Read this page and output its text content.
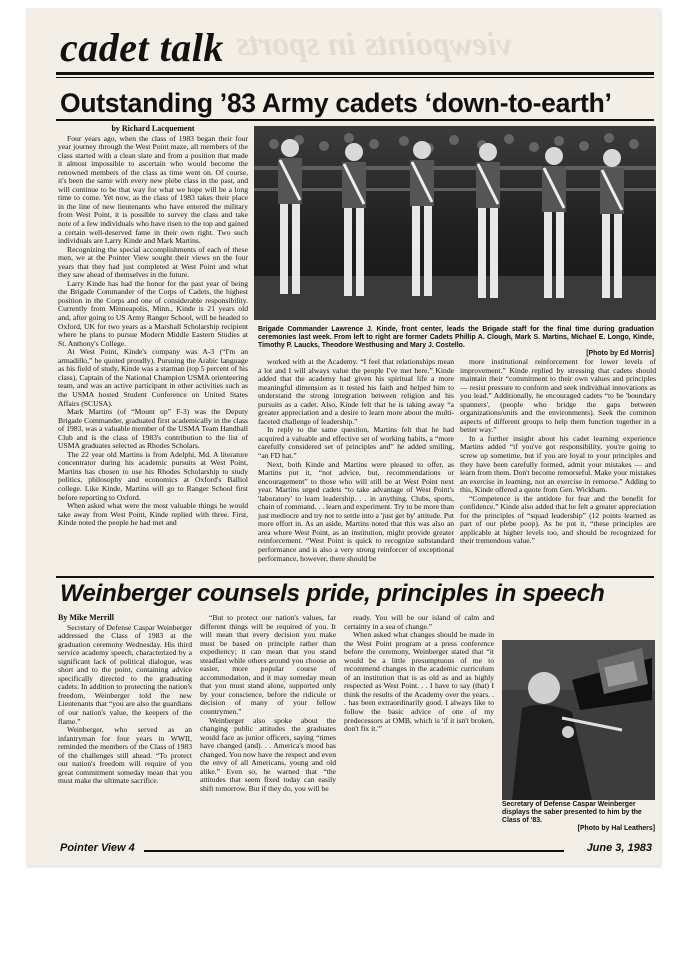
viewpoints in sports
cadet talk
Outstanding ’83 Army cadets ‘down-to-earth’

by Richard Lacquement

Four years ago, when the class of 1983 began their four year journey through the West Point maze, all members of the class started with a clean slate and from a position that made it almost impossible to ascertain who would become the renowned members of the class as time went on. Of course, it's been the same with every new plebe class in the past, and will continue to be that way for what we hope will be a long time to come. Yet now, as the class of 1983 takes their place in the line of new lieutenants who have entered the military from West Point, it is possible to survey the class and take note of a few individuals who have risen to the top and gained a certain well-deserved fame in their own right. Two such individuals are Larry Kinde and Mark Martins.

Recognizing the special accomplishments of each of these men, we at the Pointer View sought their views on the four years that they had just completed at West Point and what they saw ahead of themselves in the future.

Larry Kinde has had the honor for the past year of being the Brigade Commander of the Corps of Cadets, the highest position in the Corps and one of considerable responsibility. Currently from Minneapolis, Minn., Kinde is 21 years old and, after going to US Army Ranger School, will be headed to Oxford, UK for two years as a Marshall Scholarship recipient where he plans to pursue Modern Middle Eastern Studies at St. Anthony's College.

At West Point, Kinde's company was A-3 (“I'm an armadillo,” he quoted proudly). Pursuing the Arabic language as his field of study, Kinde was a starman (top 5 percent of his class), Captain of the National Champion USMA orienteering team, and was an active participant in other activities such as the USMA hosted Student Conference on United States Affairs (SCUSA).

Mark Martins (of “Mount up” F-3) was the Deputy Brigade Commander, graduated first academically in the class of 1983, was a valuable member of the USMA Team Handball Club and is the class of 1983's contribution to the list of USMA graduates selected as Rhodes Scholars.

The 22 year old Martins is from Adelphi, Md. A literature concentrator during his academic pursuits at West Point, Martins has chosen to use his Rhodes Scholarship to study politics, philosophy and economics at Oxford's Balliol college. Like Kinde, Martins will go to Ranger School first before reporting to Oxford.

When asked what were the most valuable things he would take away from West Point, Kinde replied with three. First, Kinde noted the people he had met and

Brigade Commander Lawrence J. Kinde, front center, leads the Brigade staff for the final time during graduation ceremonies last week. From left to right are former Cadets Phillip A. Clough, Mark S. Martins, Michael E. Longo, Kinde, Timothy P. Laucks, Theodore Westhusing and Mary J. Costello.
[Photo by Ed Morris]

worked with at the Academy. “I feel that relationships mean a lot and I will always value the people I've met here.” Kinde added that the academy had given his spiritual life a more meaningful dimension as it tested his faith and helped him to understand the strong integration between religion and his pursuits as a cadet. Also, Kinde felt that he is taking away “a greater appreciation and a desire to learn more about the multi-faceted challenge of leadership.”

In reply to the same question, Martins felt that he had acquired a valuable and effective set of working habits, a “more carefully considered set of principles and” he added smiling, “an FD hat.”

Next, both Kinde and Martins were pleased to offer, as Martins put it, “not advice, but, recommendations or encouragement” to those who will still be at West Point next year. Martins urged cadets “to take advantage of West Point's 'laboratory' to learn leadership. . . in anything. Clubs, sports, chain of command. . . learn and experiment. Try to be more than just mediocre and try not to settle into a 'just get by' attitude. Put more effort in. As an aside, Martins noted that this was also an area where West Point, as an institution, might provide greater reinforcement. “West Point is quick to recognize substandard performance and is also a very strong reinforcer of exceptional performance, however, there should be

more institutional reinforcement for lower levels of improvement.” Kinde replied by stressing that cadets should maintain their “commitment to their own values and principles — resist pressure to conform and seek individual innovations as you lead.” Additionally, he encouraged cadets “to be 'boundary spanners', (people who bridge the gaps between organizations/units and the environments). Seek the common aspects of different groups to help them function together in a better way.”

In a further insight about his cadet learning experience Martins added “if you've got responsibility, you're going to screw up sometime, but if you are loyal to your principles and they have been carefully formed, admit your mistakes — and learn from them. Don't become remorseful. Make your mistakes an exercise in learning, not an exercise in remorse.” Adding to this, Kinde offered a quote from Gen. Wickham.

“Competence is the antidote for fear and the benefit for confidence.” Kinde also added that he felt a greater appreciation for the principles of “squad leadership” (12 points learned as part of our plebe poop). As he put it, “these principles are applicable at higher levels too, and should be recognized for their tremendous value.”

Weinberger counsels pride, principles in speech

By Mike Merrill

Secretary of Defense Caspar Weinberger addressed the Class of 1983 at the graduation ceremony Wednesday. His third service academy speech, characterized by a significant lack of political dialogue, was short and to the point, containing advice specifically directed to the graduating cadets. In addition to protecting the nation's freedom, Weinberger told the new Lieutenants that “you are also the guardians of our nation's value, the keepers of the flame.”

Weinberger, who served as an infantryman for four years in WWII, reminded the members of the Class of 1983 of the challenges still ahead. “To protect our nation's freedom will require of you great commitment someday mean that you must make the ultimate sacrifice.

“But to protect our nation's values, far different things will be required of you. It will mean that every decision you make must be based on principle rather than expediency; it can mean that you stand steadfast while others around you choose an easier, more popular course of accommodation, and it may someday mean that you must stand alone, supported only by your conscience, before the ridicule or decision of many of your fellow countrymen.”

Weinberger also spoke about the changing public attitudes the graduates would face as junior officers, saying “times have changed (and). . . America's mood has changed. You now have the respect and even the envy of all Americans, young and old alike.” Even so, he warned that “the attitudes that seem fixed today can easily shift tomorrow. But if they do, you will be

ready. You will be our island of calm and certainty in a sea of change.”

When asked what changes should be made in the West Point program at a press conference before the ceremony, Weinberger stated that “it would be a little presumptuous of me to recommend changes in the academic curriculum of an institution that is as old as and as highly respected as West Point. . . I have to say (that) I think the results of the Academy over the years. . . has been extraordinarily good. I always like to follow the basic advice of one of my predecessors at OMB, which is 'if it isn't broken, don't fix it.'”

Secretary of Defense Caspar Weinberger displays the saber presented to him by the Class of '83.
[Photo by Hal Leathers]
Pointer View 4	June 3, 1983
